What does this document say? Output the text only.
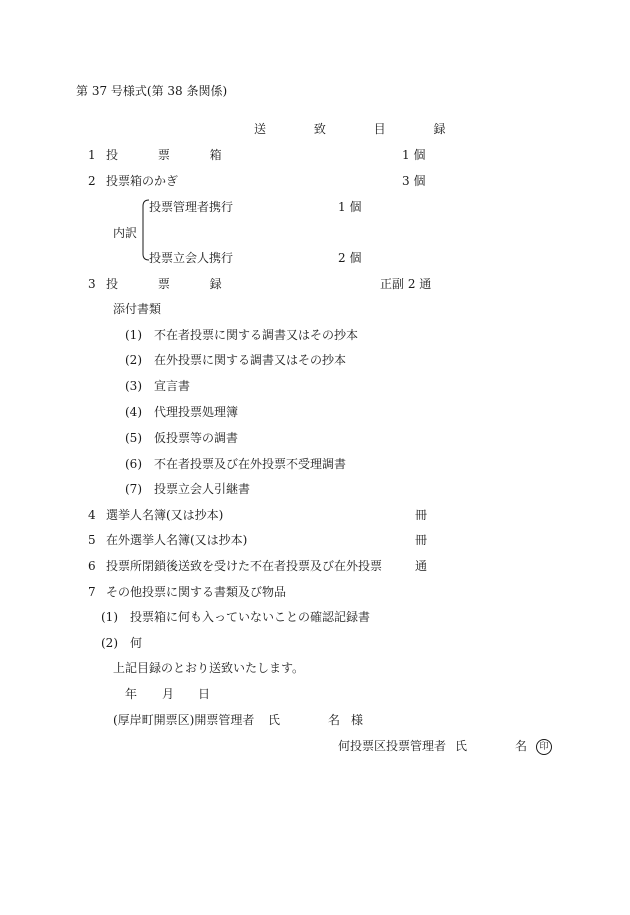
第 37 号様式(第 38 条関係)
送 致 目 録
1 投 票 箱	1 個
2 投票箱のかぎ	3 個
内訳
投票管理者携行	1 個
投票立会人携行	2 個
3 投 票 録	正副 2 通
添付書類
(1) 不在者投票に関する調書又はその抄本
(2) 在外投票に関する調書又はその抄本
(3) 宣言書
(4) 代理投票処理簿
(5) 仮投票等の調書
(6) 不在者投票及び在外投票不受理調書
(7) 投票立会人引継書
4 選挙人名簿(又は抄本)	冊
5 在外選挙人名簿(又は抄本)	冊
6 投票所閉鎖後送致を受けた不在者投票及び在外投票	通
7 その他投票に関する書類及び物品
(1) 投票箱に何も入っていないことの確認記録書
(2) 何
上記目録のとおり送致いたします。
年 月 日
(厚岸町開票区)開票管理者 氏	名 様
何投票区投票管理者 氏	名	印
